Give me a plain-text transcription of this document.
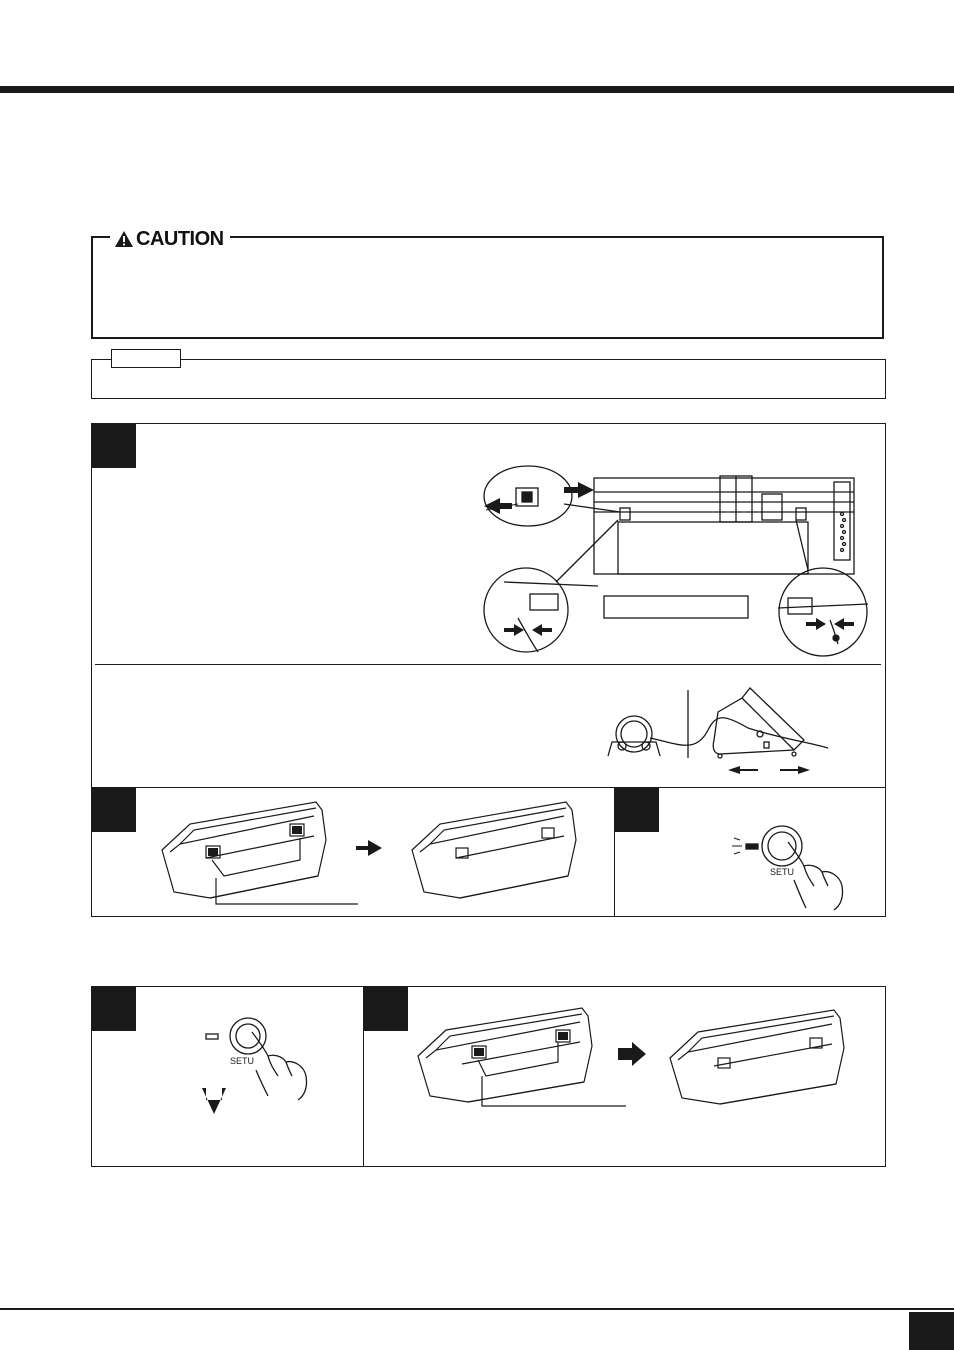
CAUTION
SETU
SETU
